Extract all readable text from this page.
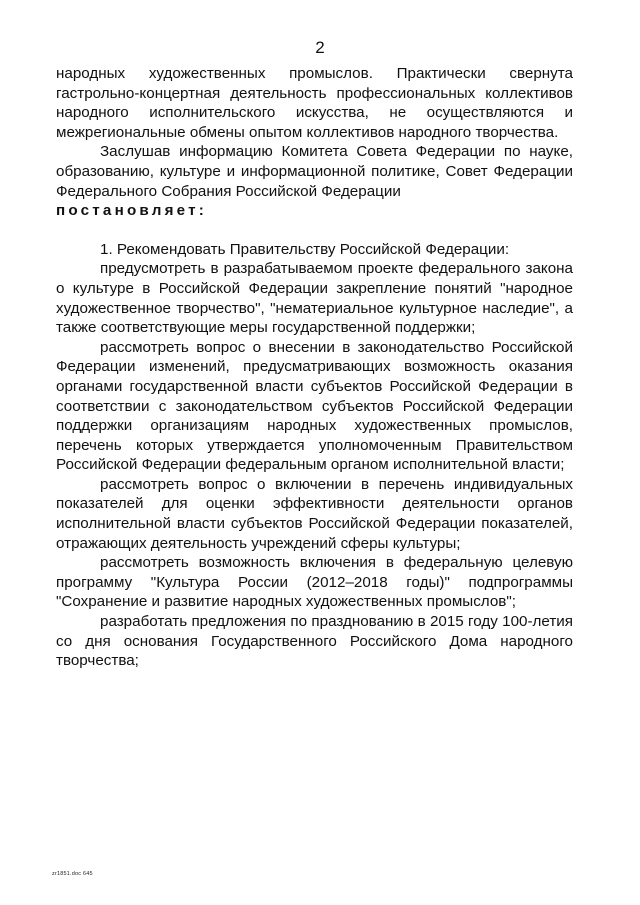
2

народных художественных промыслов. Практически свернута гастрольно-концертная деятельность профессиональных коллективов народного исполнительского искусства, не осуществляются и межрегиональные обмены опытом коллективов народного творчества.

Заслушав информацию Комитета Совета Федерации по науке, образованию, культуре и информационной политике, Совет Федерации Федерального Собрания Российской Федерации

постановляет:

1. Рекомендовать Правительству Российской Федерации:

предусмотреть в разрабатываемом проекте федерального закона о культуре в Российской Федерации закрепление понятий "народное художественное творчество", "нематериальное культурное наследие", а также соответствующие меры государственной поддержки;

рассмотреть вопрос о внесении в законодательство Российской Федерации изменений, предусматривающих возможность оказания органами государственной власти субъектов Российской Федерации в соответствии с законодательством субъектов Российской Федерации поддержки организациям народных художественных промыслов, перечень которых утверждается уполномоченным Правительством Российской Федерации федеральным органом исполнительной власти;

рассмотреть вопрос о включении в перечень индивидуальных показателей для оценки эффективности деятельности органов исполнительной власти субъектов Российской Федерации показателей, отражающих деятельность учреждений сферы культуры;

рассмотреть возможность включения в федеральную целевую программу "Культура России (2012–2018 годы)" подпрограммы "Сохранение и развитие народных художественных промыслов";

разработать предложения по празднованию в 2015 году 100-летия со дня основания Государственного Российского Дома народного творчества;

zr1851.doc 645
